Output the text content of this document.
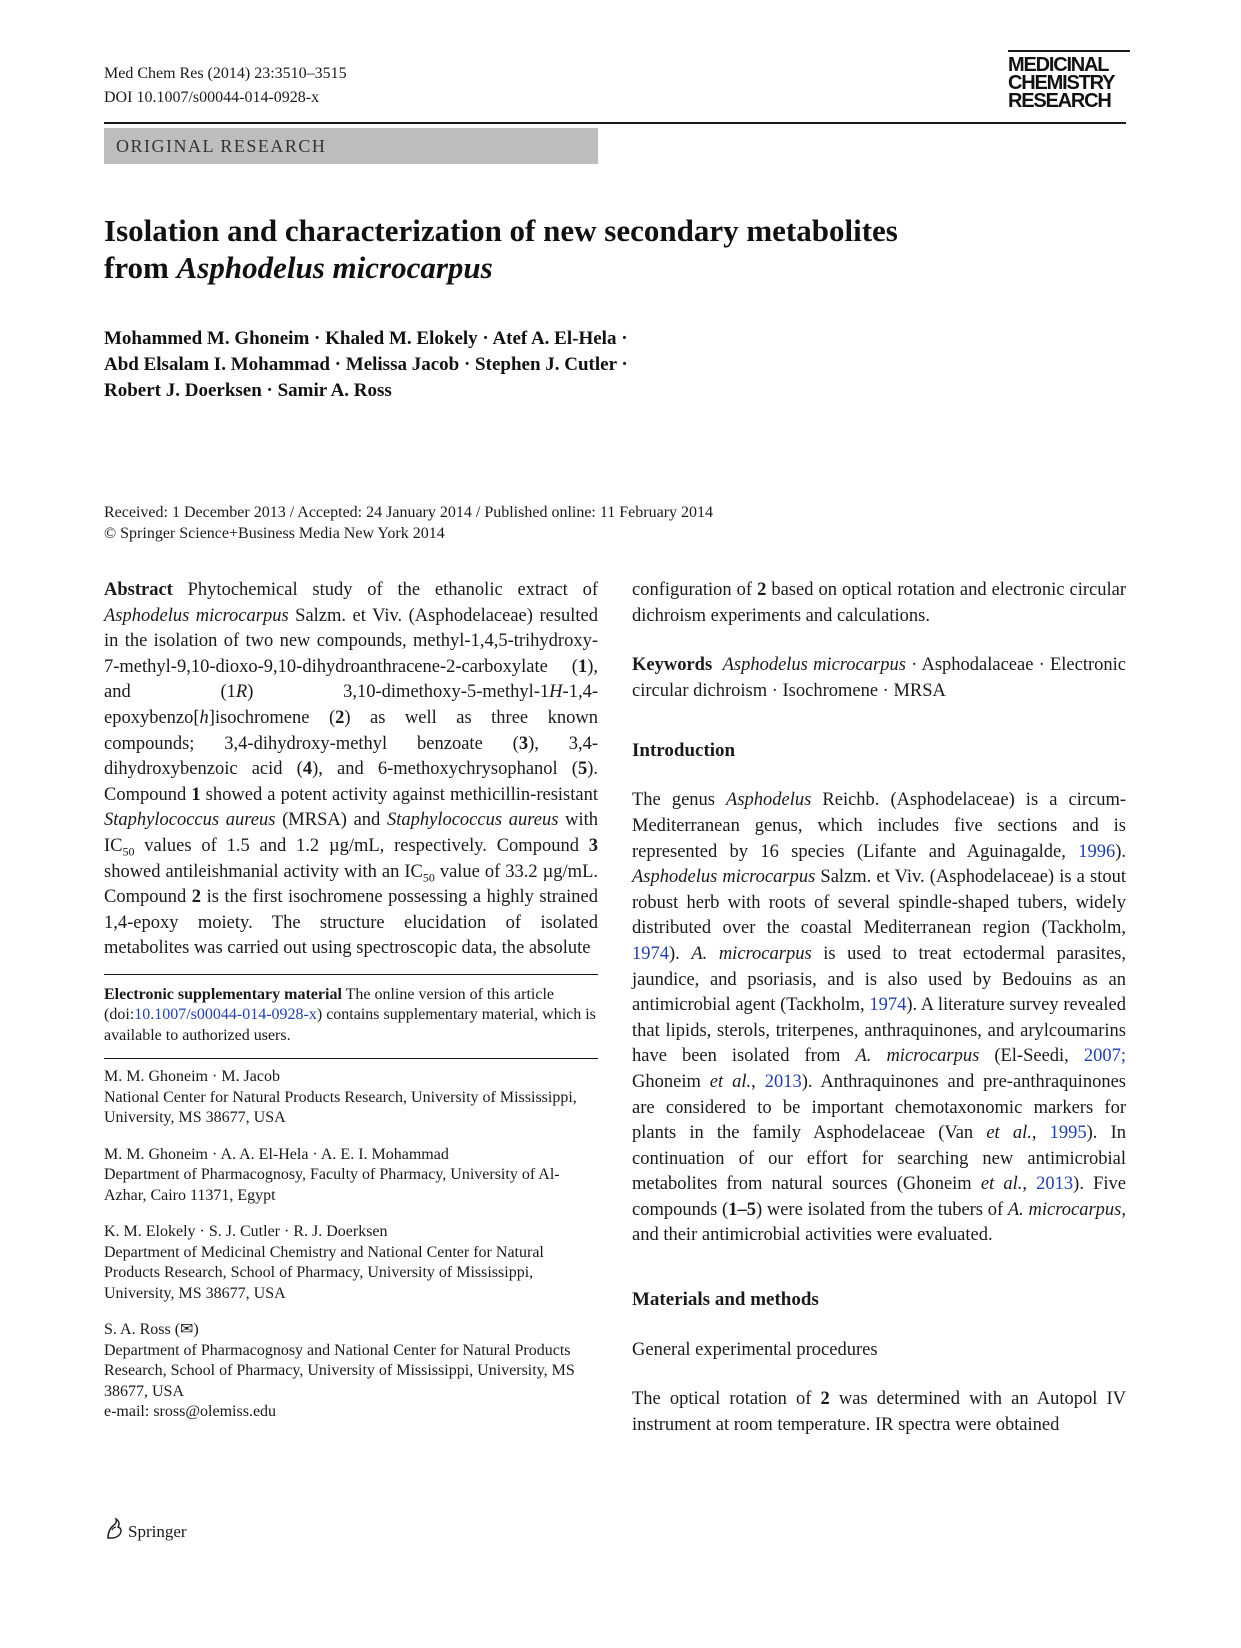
Med Chem Res (2014) 23:3510–3515
DOI 10.1007/s00044-014-0928-x
MEDICINAL
CHEMISTRY
RESEARCH
ORIGINAL RESEARCH
Isolation and characterization of new secondary metabolites
from Asphodelus microcarpus
Mohammed M. Ghoneim · Khaled M. Elokely · Atef A. El-Hela ·
Abd Elsalam I. Mohammad · Melissa Jacob · Stephen J. Cutler ·
Robert J. Doerksen · Samir A. Ross
Received: 1 December 2013 / Accepted: 24 January 2014 / Published online: 11 February 2014
© Springer Science+Business Media New York 2014

Abstract Phytochemical study of the ethanolic extract of Asphodelus microcarpus Salzm. et Viv. (Asphodelaceae) resulted in the isolation of two new compounds, methyl-1,4,5-trihydroxy-7-methyl-9,10-dioxo-9,10-dihydroanthracene-2-carboxylate (1), and (1R) 3,10-dimethoxy-5-methyl-1H-1,4-epoxybenzo[h]isochromene (2) as well as three known compounds; 3,4-dihydroxy-methyl benzoate (3), 3,4-dihydroxybenzoic acid (4), and 6-methoxychrysophanol (5). Compound 1 showed a potent activity against methicillin-resistant Staphylococcus aureus (MRSA) and Staphylococcus aureus with $IC_{50}$ values of 1.5 and 1.2 µg/mL, respectively. Compound 3 showed antileishmanial activity with an $IC_{50}$ value of 33.2 µg/mL. Compound 2 is the first isochromene possessing a highly strained 1,4-epoxy moiety. The structure elucidation of isolated metabolites was carried out using spectroscopic data, the absolute

Electronic supplementary material The online version of this article (doi:10.1007/s00044-014-0928-x) contains supplementary material, which is available to authorized users.

M. M. Ghoneim · M. Jacob
National Center for Natural Products Research, University of Mississippi, University, MS 38677, USA
M. M. Ghoneim · A. A. El-Hela · A. E. I. Mohammad
Department of Pharmacognosy, Faculty of Pharmacy, University of Al-Azhar, Cairo 11371, Egypt
K. M. Elokely · S. J. Cutler · R. J. Doerksen
Department of Medicinal Chemistry and National Center for Natural Products Research, School of Pharmacy, University of Mississippi, University, MS 38677, USA
S. A. Ross (✉)
Department of Pharmacognosy and National Center for Natural Products Research, School of Pharmacy, University of Mississippi, University, MS 38677, USA
e-mail: sross@olemiss.edu

configuration of 2 based on optical rotation and electronic circular dichroism experiments and calculations.

Keywords Asphodelus microcarpus · Asphodalaceae · Electronic circular dichroism · Isochromene · MRSA

Introduction

The genus Asphodelus Reichb. (Asphodelaceae) is a circum-Mediterranean genus, which includes five sections and is represented by 16 species (Lifante and Aguinagalde, 1996). Asphodelus microcarpus Salzm. et Viv. (Asphodelaceae) is a stout robust herb with roots of several spindle-shaped tubers, widely distributed over the coastal Mediterranean region (Tackholm, 1974). A. microcarpus is used to treat ectodermal parasites, jaundice, and psoriasis, and is also used by Bedouins as an antimicrobial agent (Tackholm, 1974). A literature survey revealed that lipids, sterols, triterpenes, anthraquinones, and arylcoumarins have been isolated from A. microcarpus (El-Seedi, 2007; Ghoneim et al., 2013). Anthraquinones and pre-anthraquinones are considered to be important chemotaxonomic markers for plants in the family Asphodelaceae (Van et al., 1995). In continuation of our effort for searching new antimicrobial metabolites from natural sources (Ghoneim et al., 2013). Five compounds (1–5) were isolated from the tubers of A. microcarpus, and their antimicrobial activities were evaluated.

Materials and methods
General experimental procedures

The optical rotation of 2 was determined with an Autopol IV instrument at room temperature. IR spectra were obtained

Springer
